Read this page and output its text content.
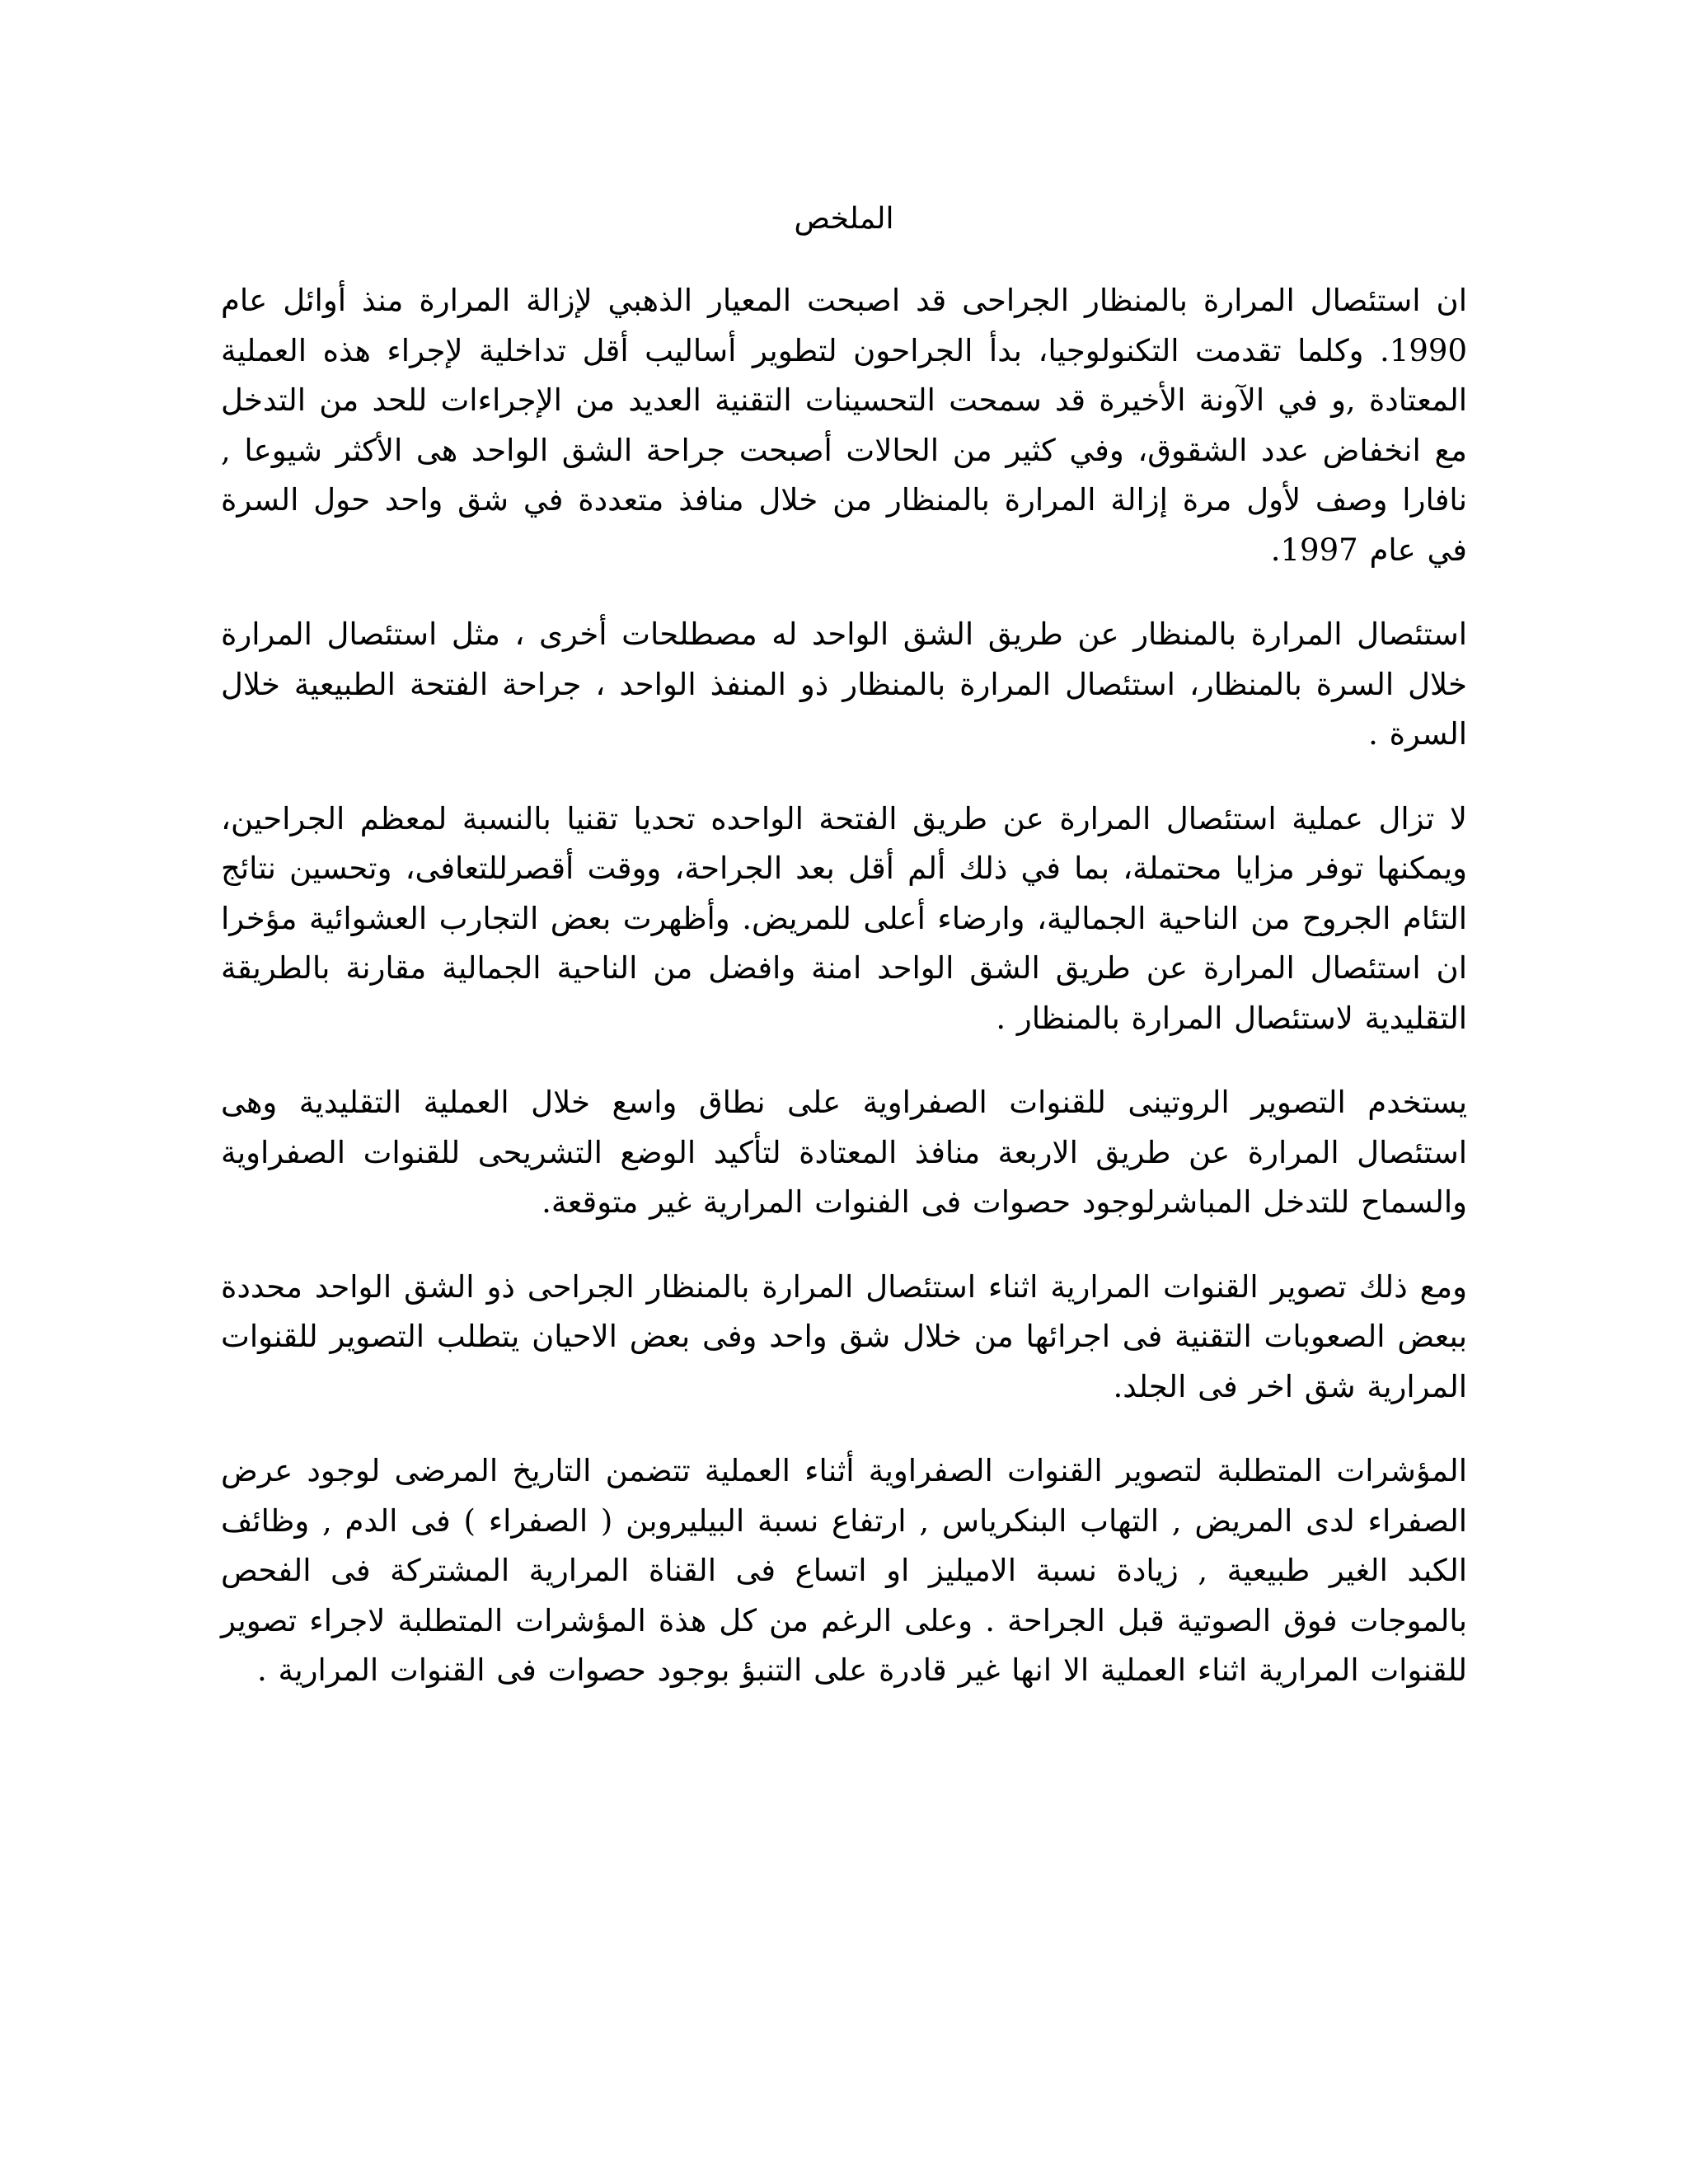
الملخص

ان استئصال المرارة بالمنظار الجراحى قد اصبحت المعيار الذهبي لإزالة المرارة منذ أوائل عام 1990. وكلما تقدمت التكنولوجيا، بدأ الجراحون لتطوير أساليب أقل تداخلية لإجراء هذه العملية المعتادة ,و في الآونة الأخيرة قد سمحت التحسينات التقنية العديد من الإجراءات للحد من التدخل مع انخفاض عدد الشقوق، وفي كثير من الحالات أصبحت جراحة الشق الواحد هى الأكثر شيوعا , نافارا وصف لأول مرة إزالة المرارة بالمنظار من خلال منافذ متعددة في شق واحد حول السرة في عام 1997.

استئصال المرارة بالمنظار عن طريق الشق الواحد له مصطلحات أخرى ، مثل استئصال المرارة خلال السرة بالمنظار، استئصال المرارة بالمنظار ذو المنفذ الواحد ، جراحة الفتحة الطبيعية خلال السرة .

لا تزال عملية استئصال المرارة عن طريق الفتحة الواحده تحديا تقنيا بالنسبة لمعظم الجراحين، ويمكنها توفر مزايا محتملة، بما في ذلك ألم أقل بعد الجراحة، ووقت أقصرللتعافى، وتحسين نتائج التئام الجروح من الناحية الجمالية، وارضاء أعلى للمريض. وأظهرت بعض التجارب العشوائية مؤخرا ان استئصال المرارة عن طريق الشق الواحد امنة وافضل من الناحية الجمالية مقارنة بالطريقة التقليدية لاستئصال المرارة بالمنظار .

يستخدم التصوير الروتينى للقنوات الصفراوية على نطاق واسع خلال العملية التقليدية وهى استئصال المرارة عن طريق الاربعة منافذ المعتادة لتأكيد الوضع التشريحى للقنوات الصفراوية والسماح للتدخل المباشرلوجود حصوات فى الفنوات المرارية غير متوقعة.

ومع ذلك تصوير القنوات المرارية اثناء استئصال المرارة بالمنظار الجراحى ذو الشق الواحد محددة ببعض الصعوبات التقنية فى اجرائها من خلال شق واحد وفى بعض الاحيان يتطلب التصوير للقنوات المرارية شق اخر فى الجلد.

المؤشرات المتطلبة لتصوير القنوات الصفراوية أثناء العملية تتضمن التاريخ المرضى لوجود عرض الصفراء لدى المريض , التهاب البنكرياس , ارتفاع نسبة البيليروبن ( الصفراء ) فى الدم , وظائف الكبد الغير طبيعية , زيادة نسبة الاميليز او اتساع فى القناة المرارية المشتركة فى الفحص بالموجات فوق الصوتية قبل الجراحة . وعلى الرغم من كل هذة المؤشرات المتطلبة لاجراء تصوير للقنوات المرارية اثناء العملية الا انها غير قادرة على التنبؤ بوجود حصوات فى القنوات المرارية .
